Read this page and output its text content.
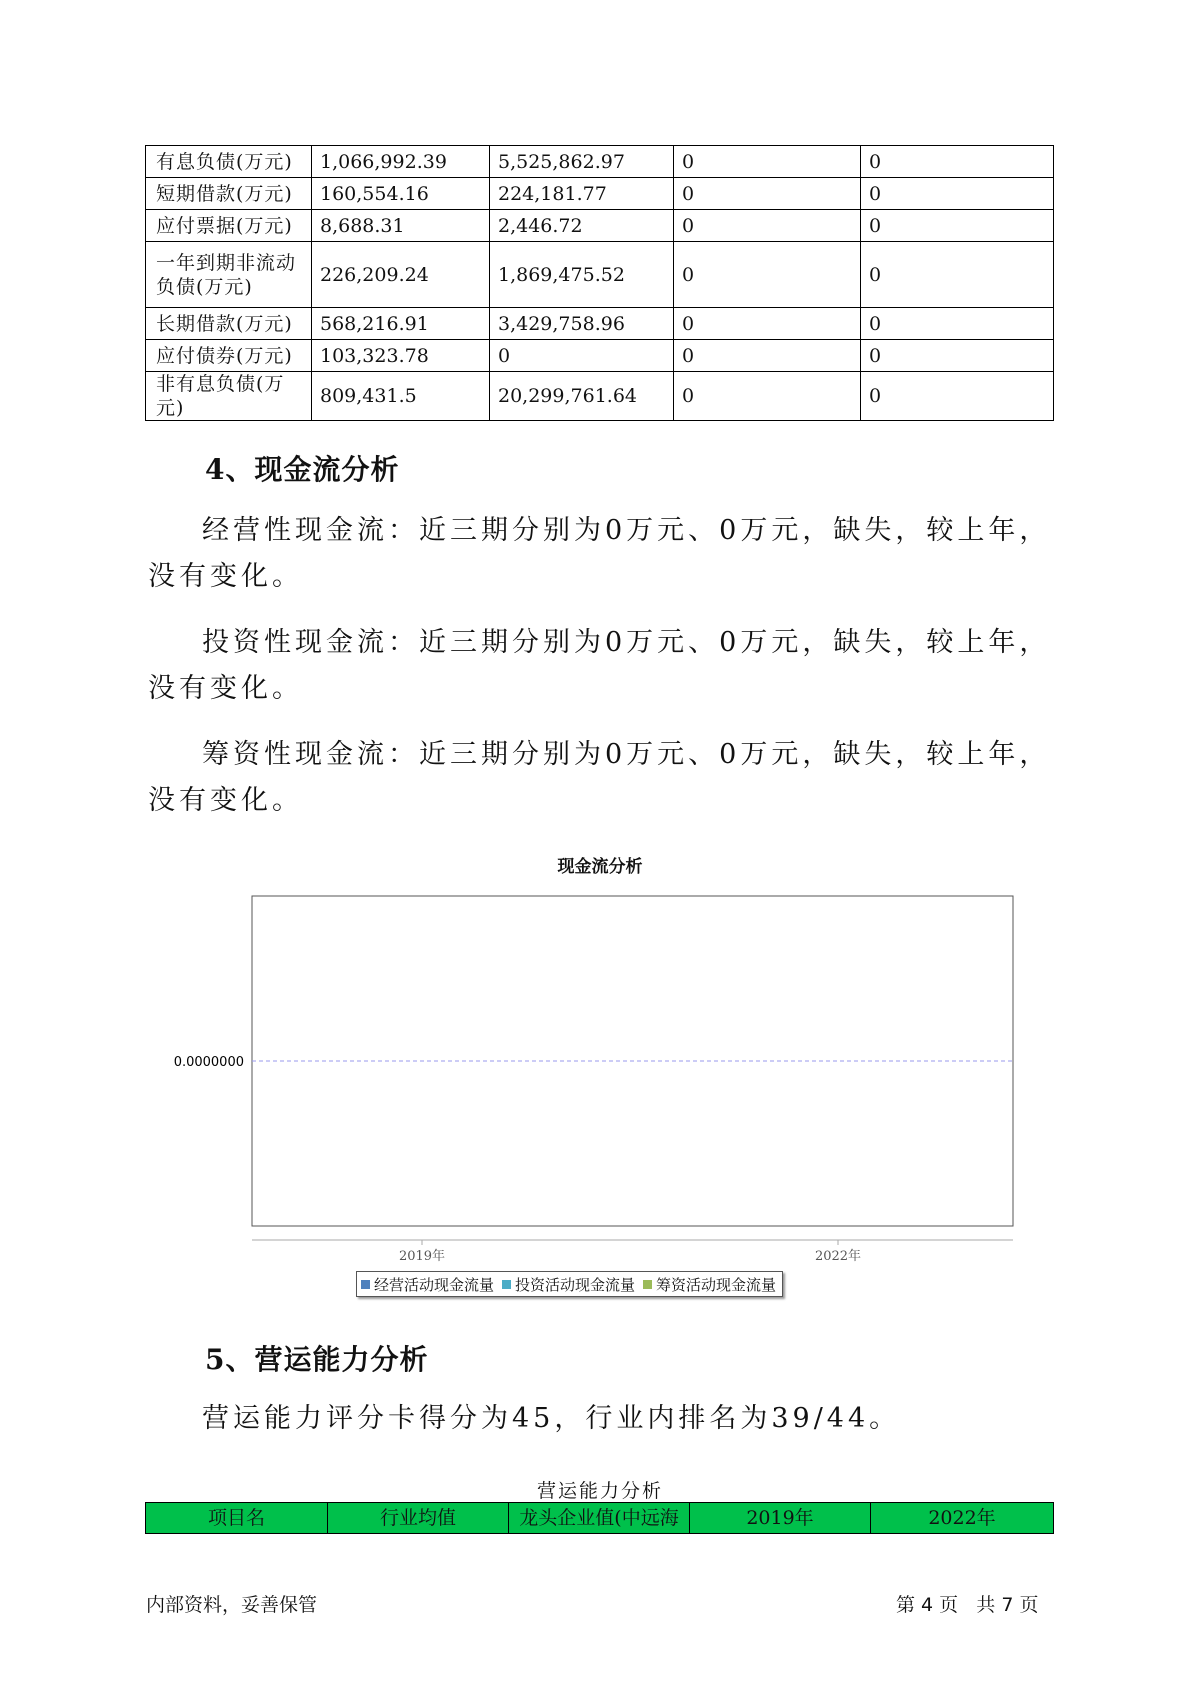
有息负债(万元)	1,066,992.39	5,525,862.97	0	0
短期借款(万元)	160,554.16	224,181.77	0	0
应付票据(万元)	8,688.31	2,446.72	0	0
一年到期非流动负债(万元)	226,209.24	1,869,475.52	0	0
长期借款(万元)	568,216.91	3,429,758.96	0	0
应付债券(万元)	103,323.78	0	0	0
非有息负债(万元)	809,431.5	20,299,761.64	0	0
4、现金流分析

经营性现金流：近三期分别为0万元、0万元，缺失，较上年，没有变化。

投资性现金流：近三期分别为0万元、0万元，缺失，较上年，没有变化。

筹资性现金流：近三期分别为0万元、0万元，缺失，较上年，没有变化。

现金流分析
0.0000000
2019年	2022年
经营活动现金流量 投资活动现金流量 筹资活动现金流量
5、营运能力分析

营运能力评分卡得分为45，行业内排名为39/44。

营运能力分析
项目名	行业均值	龙头企业值(中远海	2019年	2022年
内部资料，妥善保管	第 4 页   共 7 页
